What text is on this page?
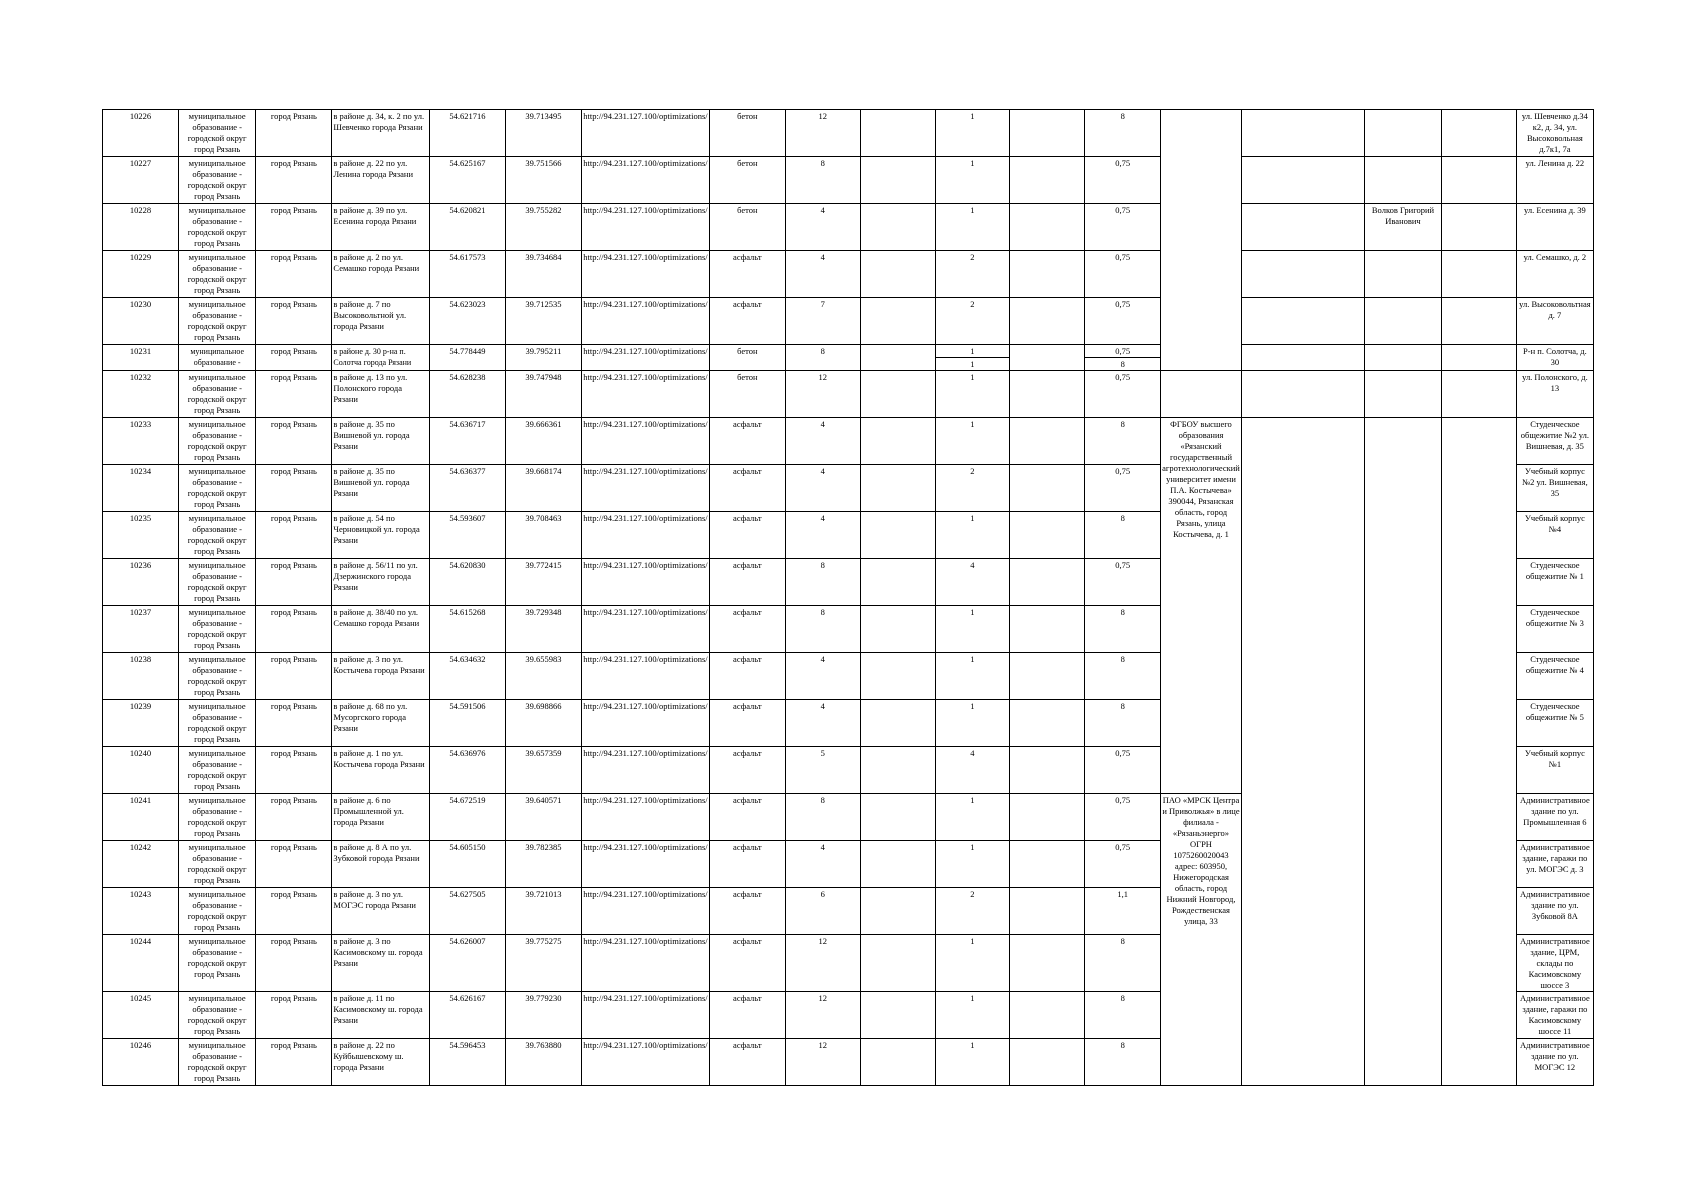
10226	муниципальное образование - городской округ город Рязань	город Рязань	в районе д. 34, к. 2 по ул. Шевченко города Рязани	54.621716	39.713495	http://94.231.127.100/optimizations/	бетон	12		1		8					ул. Шевченко д.34 к2, д. 34, ул. Высоковольная д.7к1, 7а
10227	муниципальное образование - городской округ город Рязань	город Рязань	в районе д. 22 по ул. Ленина города Рязани	54.625167	39.751566	http://94.231.127.100/optimizations/	бетон	8		1		0,75					ул. Ленина д. 22
10228	муниципальное образование - городской округ город Рязань	город Рязань	в районе д. 39 по ул. Есенина города Рязани	54.620821	39.755282	http://94.231.127.100/optimizations/	бетон	4		1		0,75			Волков Григорий Иванович		ул. Есенина д. 39
10229	муниципальное образование - городской округ город Рязань	город Рязань	в районе д. 2 по ул. Семашко города Рязани	54.617573	39.734684	http://94.231.127.100/optimizations/	асфальт	4		2		0,75					ул. Семашко, д. 2
10230	муниципальное образование - городской округ город Рязань	город Рязань	в районе д. 7 по Высоковольтной ул. города Рязани	54.623023	39.712535	http://94.231.127.100/optimizations/	асфальт	7		2		0,75					ул. Высоковольтная д. 7
10231	муниципальное образование -	город Рязань	в районе д. 30 р-на п. Солотча города Рязани	54.778449	39.795211	http://94.231.127.100/optimizations/	бетон	8		1		0,75					Р-н п. Солотча, д. 30
										1		8					
10232	муниципальное образование - городской округ город Рязань	город Рязань	в районе д. 13 по ул. Полонского города Рязани	54.628238	39.747948	http://94.231.127.100/optimizations/	бетон	12		1		0,75					ул. Полонского, д. 13
10233	муниципальное образование - городской округ город Рязань	город Рязань	в районе д. 35 по Вишневой ул. города Рязани	54.636717	39.666361	http://94.231.127.100/optimizations/	асфальт	4		1		8	ФГБОУ высшего образования «Рязанский государственный агротехнологический университет имени П.А. Костычева» 390044, Рязанская область, город Рязань, улица Костычева, д. 1				Студенческое общежитие №2 ул. Вишневая, д. 35
10234	муниципальное образование - городской округ город Рязань	город Рязань	в районе д. 35 по Вишневой ул. города Рязани	54.636377	39.668174	http://94.231.127.100/optimizations/	асфальт	4		2		0,75					Учебный корпус №2 ул. Вишневая, 35
10235	муниципальное образование - городской округ город Рязань	город Рязань	в районе д. 54 по Черновицкой ул. города Рязани	54.593607	39.708463	http://94.231.127.100/optimizations/	асфальт	4		1		8					Учебный корпус №4
10236	муниципальное образование - городской округ город Рязань	город Рязань	в районе д. 56/11 по ул. Дзержинского города Рязани	54.620830	39.772415	http://94.231.127.100/optimizations/	асфальт	8		4		0,75					Студенческое общежитие № 1
10237	муниципальное образование - городской округ город Рязань	город Рязань	в районе д. 38/40 по ул. Семашко города Рязани	54.615268	39.729348	http://94.231.127.100/optimizations/	асфальт	8		1		8					Студенческое общежитие № 3
10238	муниципальное образование - городской округ город Рязань	город Рязань	в районе д. 3 по ул. Костычева города Рязани	54.634632	39.655983	http://94.231.127.100/optimizations/	асфальт	4		1		8					Студенческое общежитие № 4
10239	муниципальное образование - городской округ город Рязань	город Рязань	в районе д. 68 по ул. Мусоргского города Рязани	54.591506	39.698866	http://94.231.127.100/optimizations/	асфальт	4		1		8					Студенческое общежитие № 5
10240	муниципальное образование - городской округ город Рязань	город Рязань	в районе д. 1 по ул. Костычева города Рязани	54.636976	39.657359	http://94.231.127.100/optimizations/	асфальт	5		4		0,75					Учебный корпус №1
10241	муниципальное образование - городской округ город Рязань	город Рязань	в районе д. 6 по Промышленной ул. города Рязани	54.672519	39.640571	http://94.231.127.100/optimizations/	асфальт	8		1		0,75	ПАО «МРСК Центра и Приволжья» в лице филиала - «Рязаньэнерго» ОГРН 1075260020043 адрес: 603950, Нижегородская область, город Нижний Новгород, Рождественская улица, 33				Административное здание по ул. Промышленная 6
10242	муниципальное образование - городской округ город Рязань	город Рязань	в районе д. 8 А по ул. Зубковой города Рязани	54.605150	39.782385	http://94.231.127.100/optimizations/	асфальт	4		1		0,75					Административное здание, гаражи по ул. МОГЭС д. 3
10243	муниципальное образование - городской округ город Рязань	город Рязань	в районе д. 3 по ул. МОГЭС города Рязани	54.627505	39.721013	http://94.231.127.100/optimizations/	асфальт	6		2		1,1					Административное здание по ул. Зубковой 8А
10244	муниципальное образование - городской округ город Рязань	город Рязань	в районе д. 3 по Касимовскому ш. города Рязани	54.626007	39.775275	http://94.231.127.100/optimizations/	асфальт	12		1		8					Административное здание, ЦРМ, склады по Касимовскому шоссе 3
10245	муниципальное образование - городской округ город Рязань	город Рязань	в районе д. 11 по Касимовскому ш. города Рязани	54.626167	39.779230	http://94.231.127.100/optimizations/	асфальт	12		1		8					Административное здание, гаражи по Касимовскому шоссе 11
10246	муниципальное образование - городской округ город Рязань	город Рязань	в районе д. 22 по Куйбышевскому ш. города Рязани	54.596453	39.763880	http://94.231.127.100/optimizations/	асфальт	12		1		8					Административное здание по ул. МОГЭС 12
